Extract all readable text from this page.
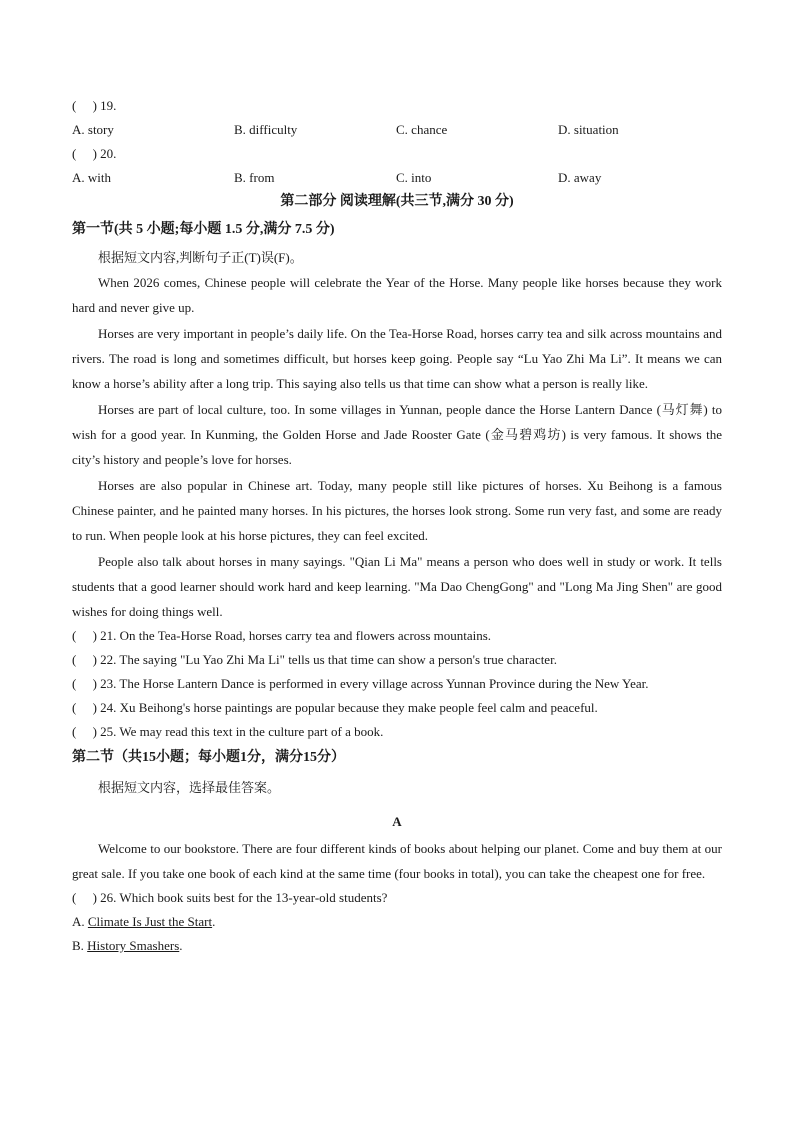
(　 ) 19.
A. story	B. difficulty	C. chance	D. situation
(　 ) 20.
A. with	B. from	C. into	D. away
第二部分 阅读理解(共三节,满分 30 分)
第一节(共 5 小题;每小题 1.5 分,满分 7.5 分)
根据短文内容,判断句子正(T)误(F)。

When 2026 comes, Chinese people will celebrate the Year of the Horse. Many people like horses because they work hard and never give up.

Horses are very important in people’s daily life. On the Tea-Horse Road, horses carry tea and silk across mountains and rivers. The road is long and sometimes difficult, but horses keep going. People say “Lu Yao Zhi Ma Li”. It means we can know a horse’s ability after a long trip. This saying also tells us that time can show what a person is really like.

Horses are part of local culture, too. In some villages in Yunnan, people dance the Horse Lantern Dance (马灯舞) to wish for a good year. In Kunming, the Golden Horse and Jade Rooster Gate (金马碧鸡坊) is very famous. It shows the city’s history and people’s love for horses.

Horses are also popular in Chinese art. Today, many people still like pictures of horses. Xu Beihong is a famous Chinese painter, and he painted many horses. In his pictures, the horses look strong. Some run very fast, and some are ready to run. When people look at his horse pictures, they can feel excited.

People also talk about horses in many sayings. "Qian Li Ma" means a person who does well in study or work. It tells students that a good learner should work hard and keep learning. "Ma Dao ChengGong" and "Long Ma Jing Shen" are good wishes for doing things well.

(　 ) 21. On the Tea-Horse Road, horses carry tea and flowers across mountains.
(　 ) 22. The saying "Lu Yao Zhi Ma Li" tells us that time can show a person's true character.
(　 ) 23. The Horse Lantern Dance is performed in every village across Yunnan Province during the New Year.
(　 ) 24. Xu Beihong's horse paintings are popular because they make people feel calm and peaceful.
(　 ) 25. We may read this text in the culture part of a book.
第二节（共15小题；每小题1分，满分15分）
根据短文内容，选择最佳答案。
A

Welcome to our bookstore. There are four different kinds of books about helping our planet. Come and buy them at our great sale. If you take one book of each kind at the same time (four books in total), you can take the cheapest one for free.

(　 ) 26. Which book suits best for the 13-year-old students?
A. Climate Is Just the Start.
B. History Smashers.
